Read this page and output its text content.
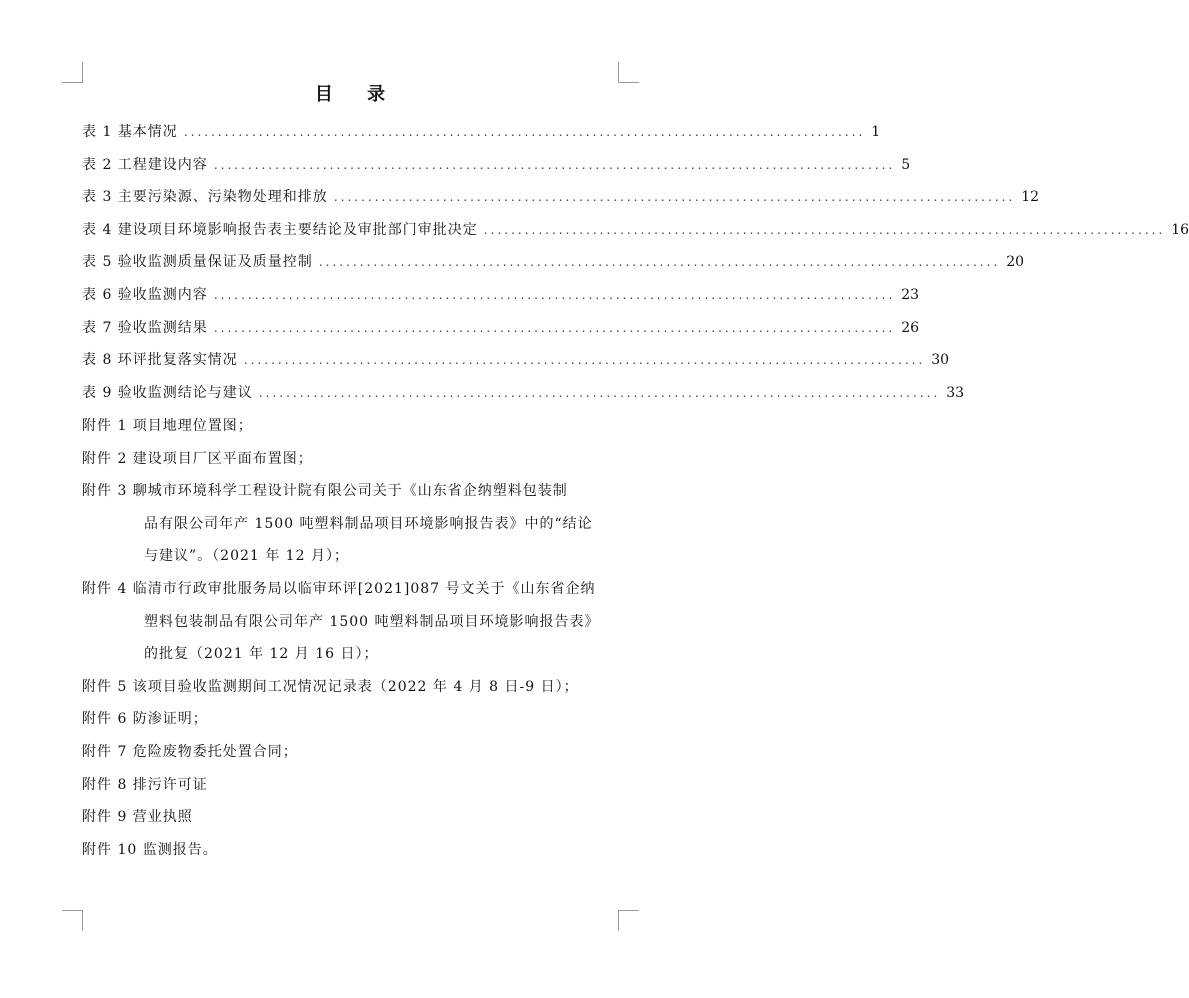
目 录
表 1 基本情况 .................................................................................................... 1
表 2 工程建设内容 .................................................................................................... 5
表 3 主要污染源、污染物处理和排放 .................................................................................................... 12
表 4 建设项目环境影响报告表主要结论及审批部门审批决定 .................................................................................................... 16
表 5 验收监测质量保证及质量控制 .................................................................................................... 20
表 6 验收监测内容 .................................................................................................... 23
表 7 验收监测结果 .................................................................................................... 26
表 8 环评批复落实情况 .................................................................................................... 30
表 9 验收监测结论与建议 .................................................................................................... 33
附件 1 项目地理位置图；
附件 2 建设项目厂区平面布置图；
附件 3 聊城市环境科学工程设计院有限公司关于《山东省企纳塑料包装制
品有限公司年产 1500 吨塑料制品项目环境影响报告表》中的“结论
与建议”。（2021 年 12 月）；
附件 4 临清市行政审批服务局以临审环评[2021]087 号文关于《山东省企纳
塑料包装制品有限公司年产 1500 吨塑料制品项目环境影响报告表》
的批复（2021 年 12 月 16 日）；
附件 5 该项目验收监测期间工况情况记录表（2022 年 4 月 8 日-9 日）；
附件 6 防渗证明；
附件 7 危险废物委托处置合同；
附件 8 排污许可证
附件 9 营业执照
附件 10 监测报告。
